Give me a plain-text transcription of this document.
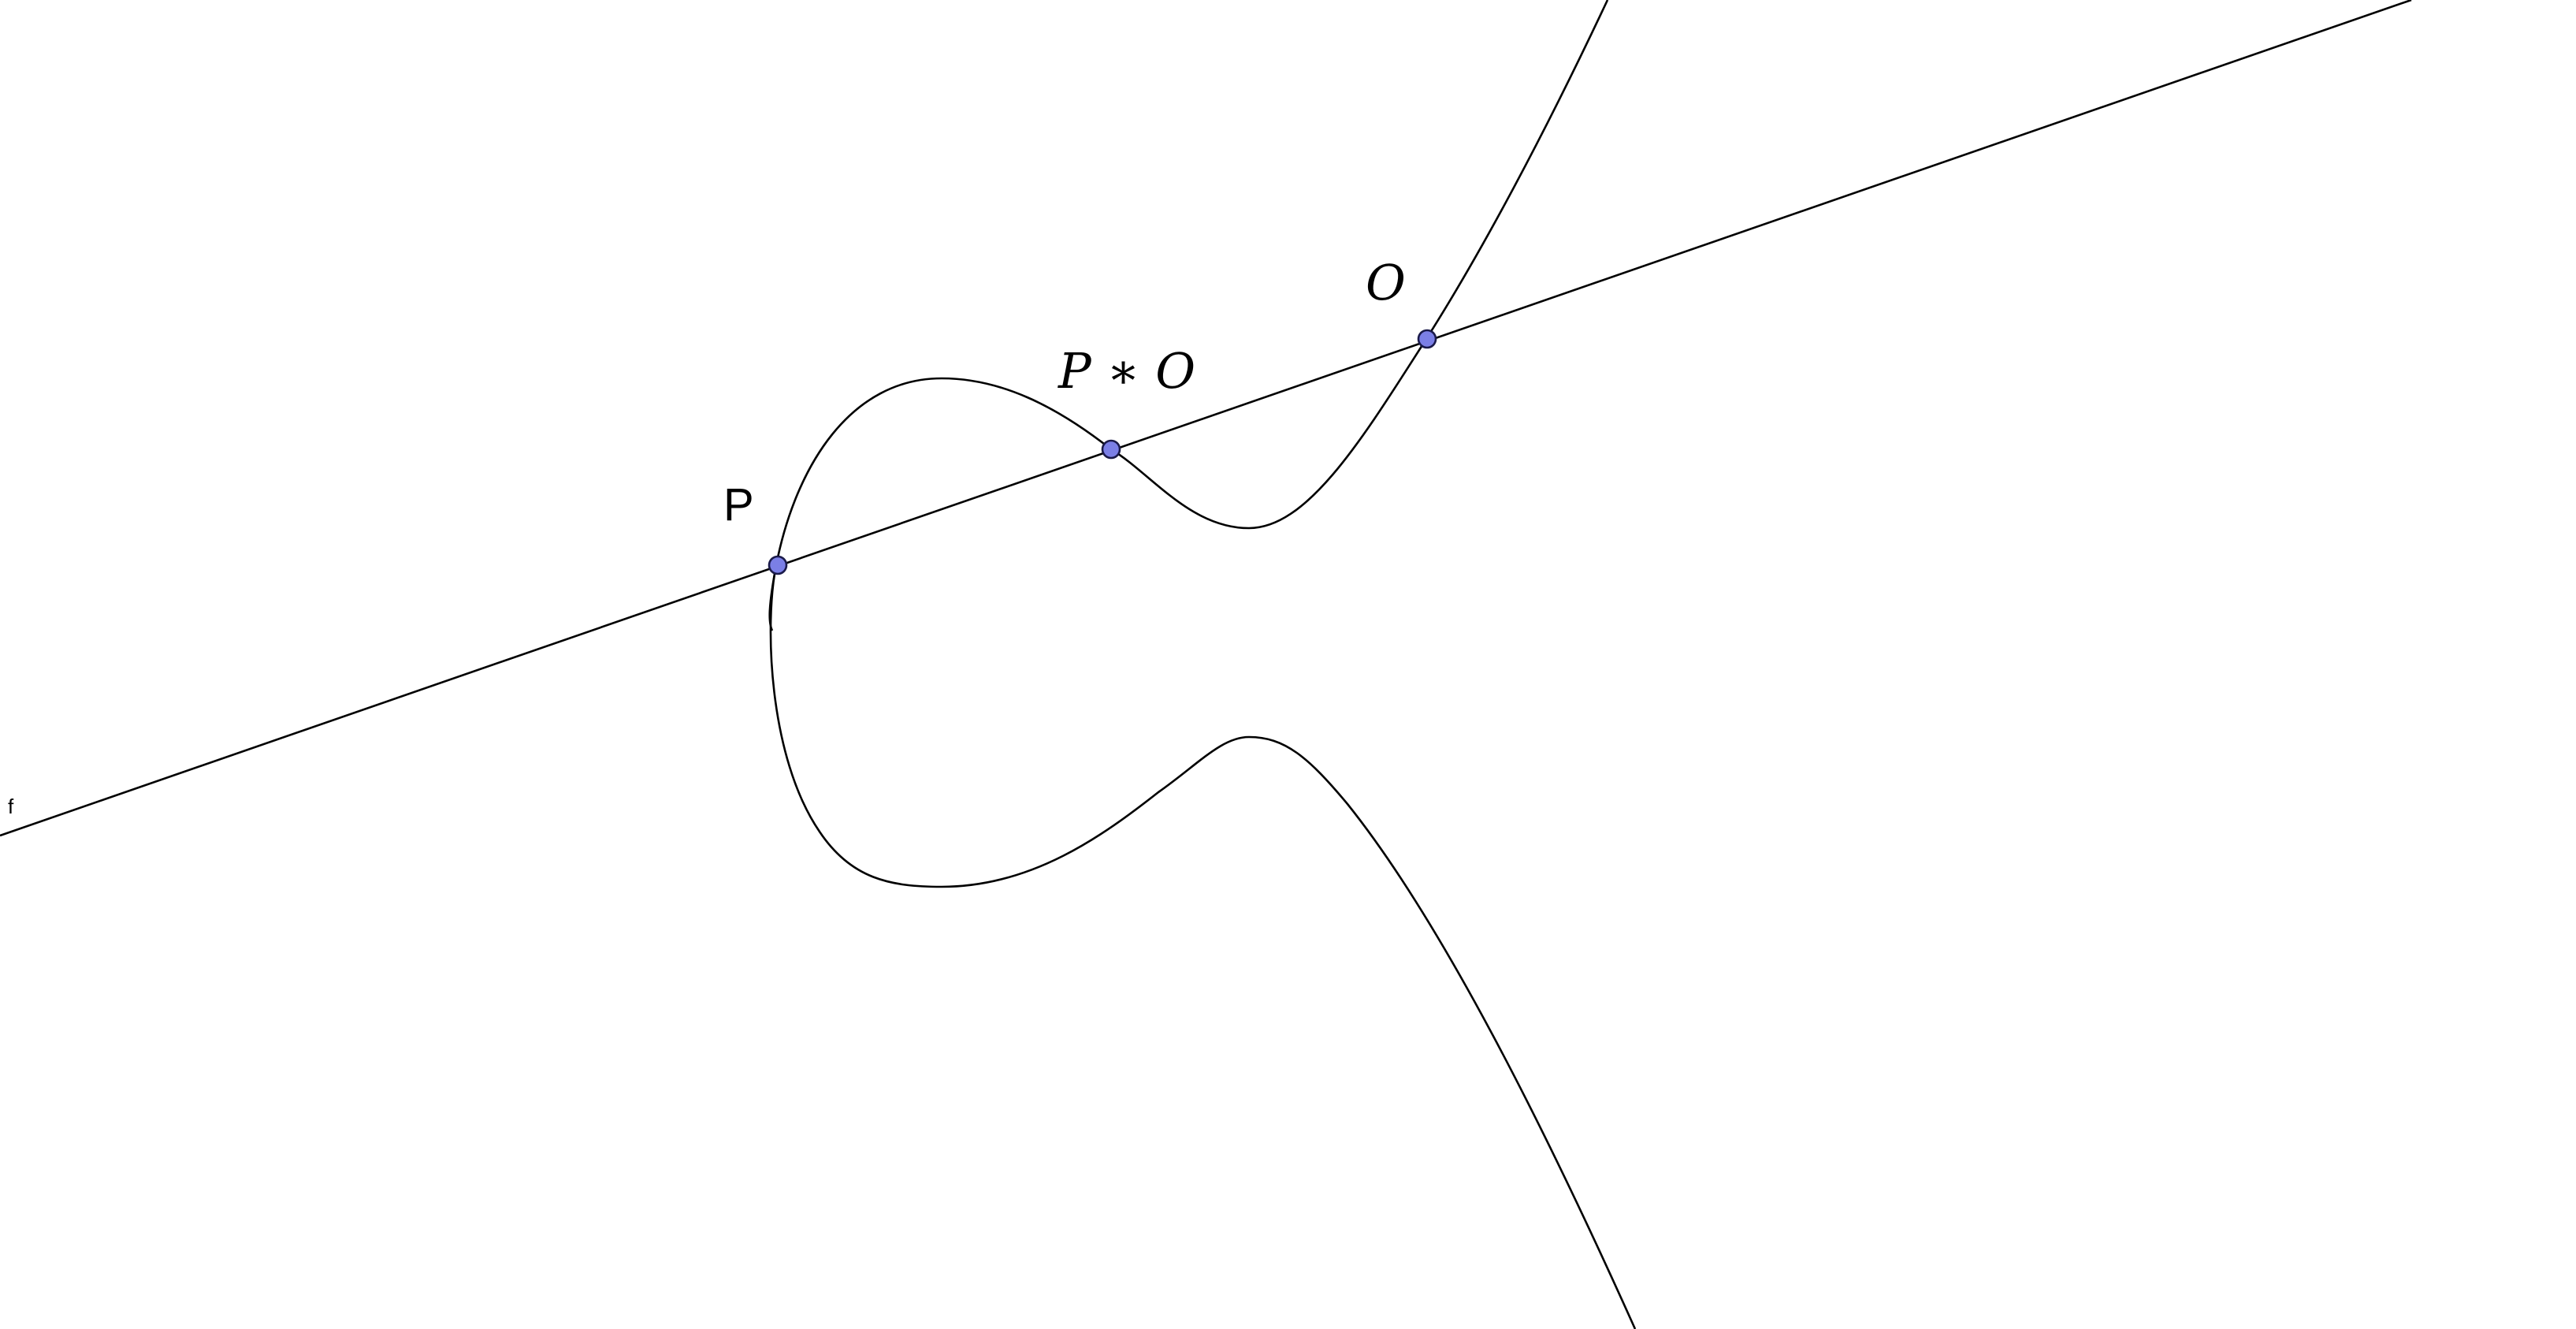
f
P
P ∗ O
O
